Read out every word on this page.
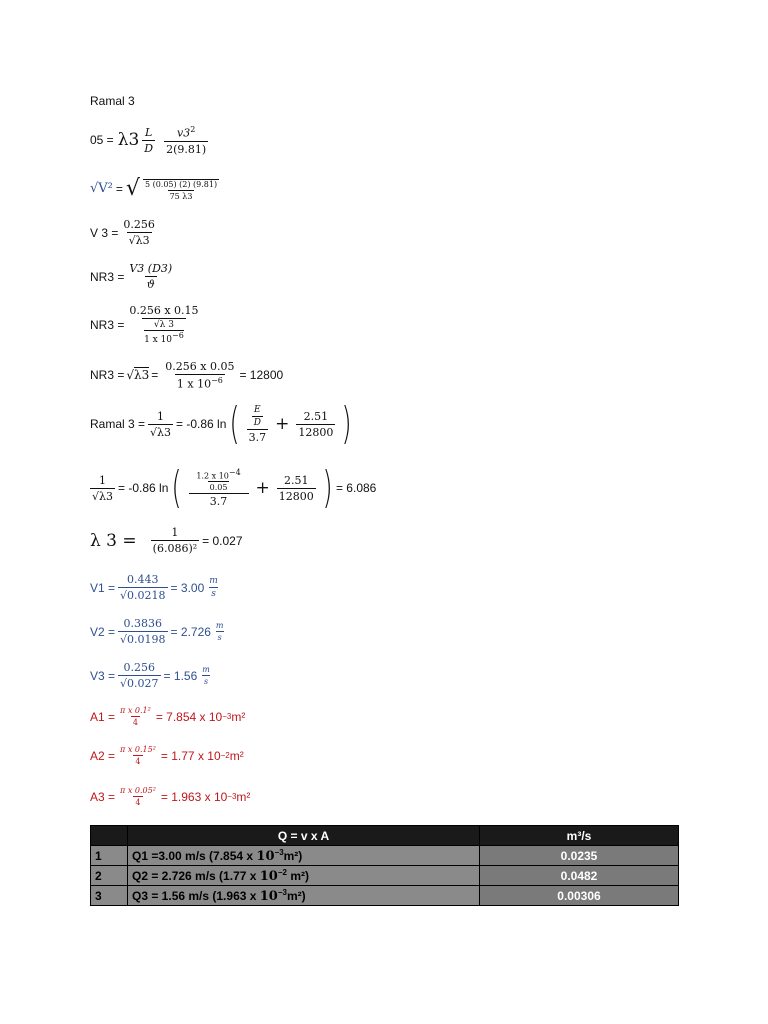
Ramal 3
$05 = \lambda 3 \frac{L}{D} \frac{v3^2}{2(9.81)}$
√V² = √ $\frac{5 (0.05) (2) (9.81)}{75 \lambda 3}$
V $3 = \frac{0.256}{√\lambda 3}$
$NR3 = \frac{V3 (D3)}{ϑ}$
NR3 = 0.256 x 0.15
√λ 3
1 x $10^{-6}$
$NR3 = √\lambda 3 = \frac{0.256 x 0.05}{1 x 10^{-6}} = 12800$
Ramal $3 = \frac{1}{√\lambda 3} = -0.86$ ln ( $\frac{\frac{E}{D}}{3.7} + \frac{2.51}{12800}$ )
$\frac{1}{√\lambda 3} = -0.86$ ln ( $\frac{\frac{1.2 x 10^{-4}}{0.05}}{3.7} + \frac{2.51}{12800}$ ) = 6.086
λ $3 = \frac{1}{\text{(6.086)²}} = 0.027$
$V1 = \frac{0.443}{√0.0218} = 3.00 \frac{m}{s}$
$V2 = \frac{0.3836}{√0.0198} = 2.726 \frac{m}{s}$
$V3 = \frac{0.256}{√0.027} = 1.56 \frac{m}{s}$
$A1 = \frac{\text{π x 0.1²}}{4} = 7.854$ x 10 −3 m²
$A2 = \frac{\text{π x 0.15²}}{4} = 1.77$ x 10 −2 m²
$A3 = \frac{\text{π x 0.05²}}{4} = 1.963$ x 10 −3 m²
	Q = v x A	m³/s
1	Q1 =3.00 m/s (7.854 x $10^{-3}m^2$)	0.0235
2	Q2 = 2.726 m/s (1.77 x $10^{-2}$ m²)	0.0482
3	Q3 = 1.56 m/s (1.963 x $10^{-3}m^2$)	0.00306
